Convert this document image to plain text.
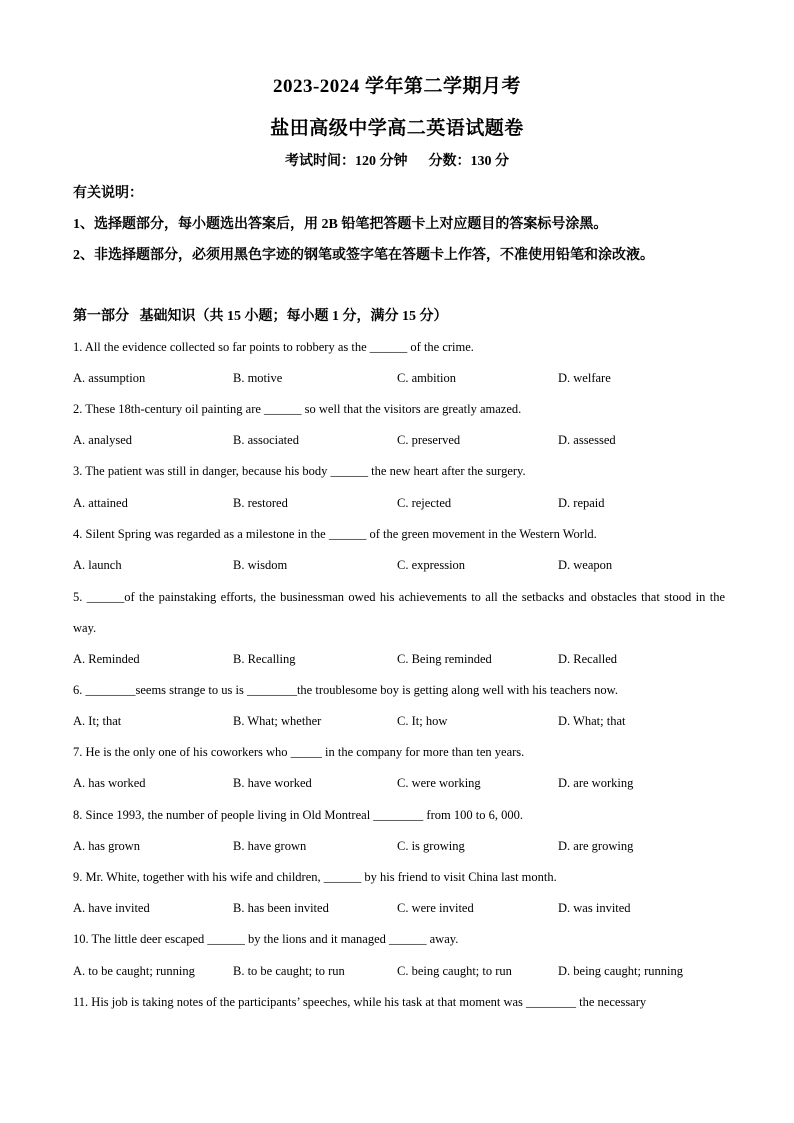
2023-2024 学年第二学期月考
盐田高级中学高二英语试题卷
考试时间：120 分钟      分数：130 分
有关说明：
1、选择题部分，每小题选出答案后，用 2B 铅笔把答题卡上对应题目的答案标号涂黑。
2、非选择题部分，必须用黑色字迹的钢笔或签字笔在答题卡上作答，不准使用铅笔和涂改液。
第一部分   基础知识（共 15 小题；每小题 1 分，满分 15 分）
1. All the evidence collected so far points to robbery as the ______ of the crime.
A. assumption	B. motive	C. ambition	D. welfare
2. These 18th-century oil painting are ______ so well that the visitors are greatly amazed.
A. analysed	B. associated	C. preserved	D. assessed
3. The patient was still in danger, because his body ______ the new heart after the surgery.
A. attained	B. restored	C. rejected	D. repaid
4. Silent Spring was regarded as a milestone in the ______ of the green movement in the Western World.
A. launch	B. wisdom	C. expression	D. weapon
5. ______of the painstaking efforts, the businessman owed his achievements to all the setbacks and obstacles that stood in the way.
A. Reminded	B. Recalling	C. Being reminded	D. Recalled
6. ________seems strange to us is ________the troublesome boy is getting along well with his teachers now.
A. It; that	B. What; whether	C. It; how	D. What; that
7. He is the only one of his coworkers who _____ in the company for more than ten years.
A. has worked	B. have worked	C. were working	D. are working
8. Since 1993, the number of people living in Old Montreal ________ from 100 to 6, 000.
A. has grown	B. have grown	C. is growing	D. are growing
9. Mr. White, together with his wife and children, ______ by his friend to visit China last month.
A. have invited	B. has been invited	C. were invited	D. was invited
10. The little deer escaped ______ by the lions and it managed ______ away.
A. to be caught; running	B. to be caught; to run	C. being caught; to run	D. being caught; running
11. His job is taking notes of the participants’ speeches, while his task at that moment was ________ the necessary
